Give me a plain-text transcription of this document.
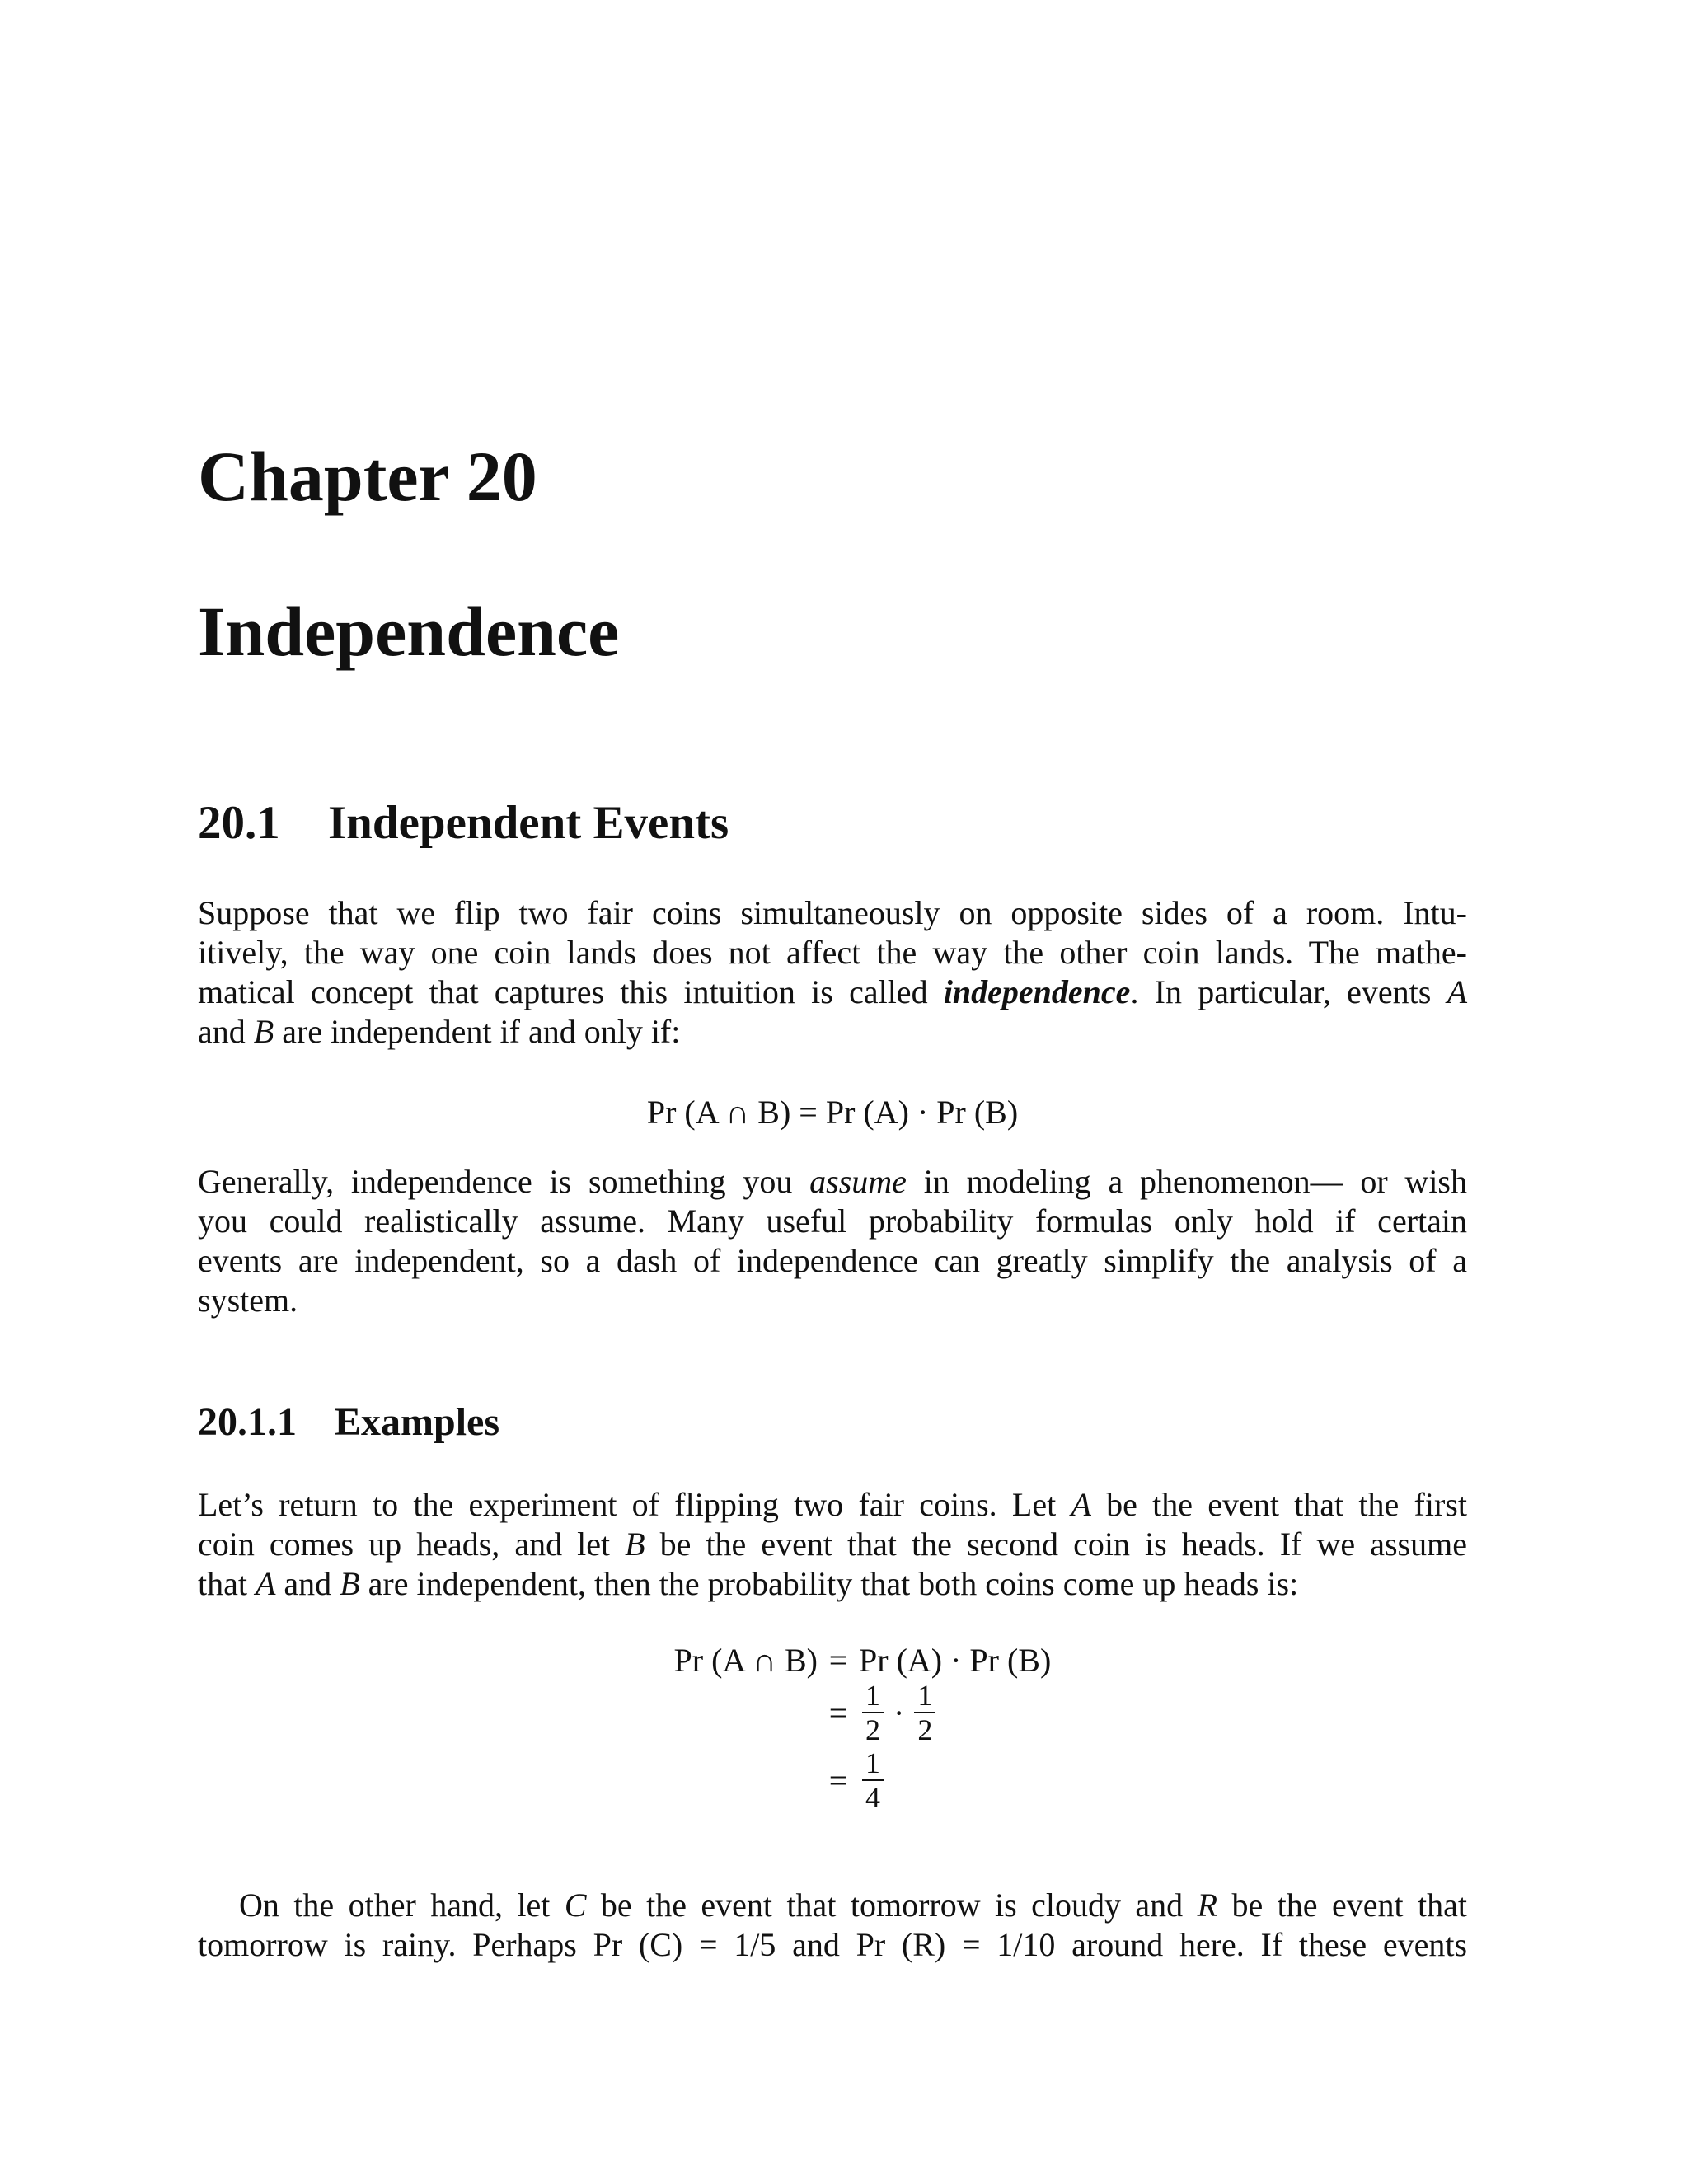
Chapter 20
Independence
20.1 Independent Events
Suppose that we flip two fair coins simultaneously on opposite sides of a room. Intu-
itively, the way one coin lands does not affect the way the other coin lands. The mathe-
matical concept that captures this intuition is called independence. In particular, events A
and B are independent if and only if:
Pr (A ∩ B) = Pr (A) · Pr (B)
Generally, independence is something you assume in modeling a phenomenon— or wish
you could realistically assume. Many useful probability formulas only hold if certain
events are independent, so a dash of independence can greatly simplify the analysis of a
system.
20.1.1 Examples
Let’s return to the experiment of flipping two fair coins. Let A be the event that the first
coin comes up heads, and let B be the event that the second coin is heads. If we assume
that A and B are independent, then the probability that both coins come up heads is:
Pr (A ∩ B) = Pr (A) · Pr (B)
= $\frac{1}{2} \cdot \frac{1}{2}$
= $\frac{1}{4}$
On the other hand, let C be the event that tomorrow is cloudy and R be the event that
tomorrow is rainy. Perhaps Pr (C) = 1/5 and Pr (R) = 1/10 around here. If these events
